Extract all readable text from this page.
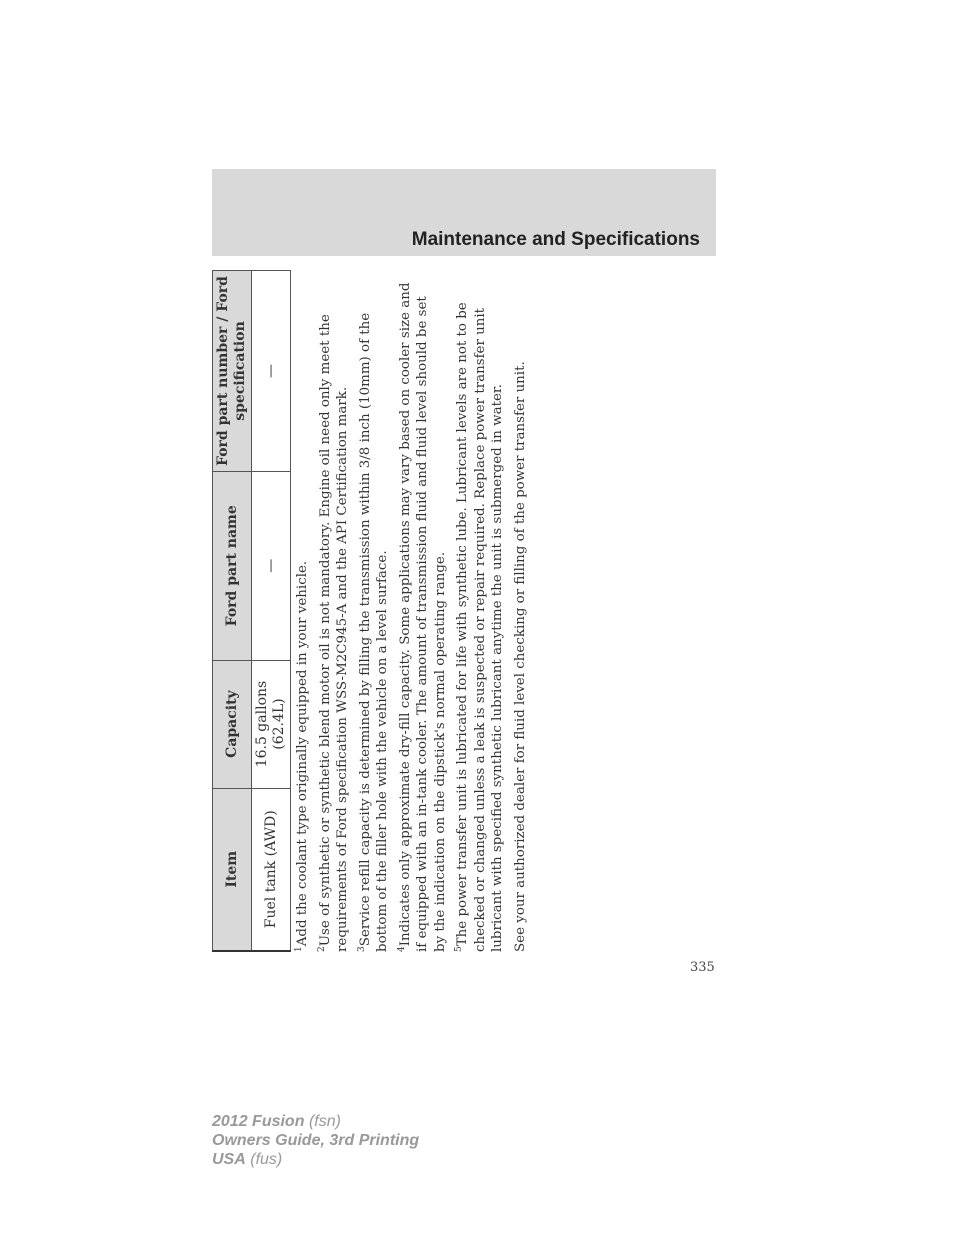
Maintenance and Specifications
Item	Capacity	Ford part name	Ford part number / Ford specification
Fuel tank (AWD)	16.5 gallons (62.4L)	—	—

$^1$Add the coolant type originally equipped in your vehicle.

$^2$Use of synthetic or synthetic blend motor oil is not mandatory. Engine oil need only meet the requirements of Ford specification WSS-M2C945-A and the API Certification mark. $^3$Service refill capacity is determined by filling the transmission within 3/8 inch (10mm) of the bottom of the filler hole with the vehicle on a level surface. $^4$Indicates only approximate dry-fill capacity. Some applications may vary based on cooler size and if equipped with an in-tank cooler. The amount of transmission fluid and fluid level should be set by the indication on the dipstick's normal operating range. $^5$The power transfer unit is lubricated for life with synthetic lube. Lubricant levels are not to be checked or changed unless a leak is suspected or repair required. Replace power transfer unit lubricant with specified synthetic lubricant anytime the unit is submerged in water. See your authorized dealer for fluid level checking or filling of the power transfer unit.

335
2012 Fusion (fsn)
Owners Guide, 3rd Printing
USA (fus)
